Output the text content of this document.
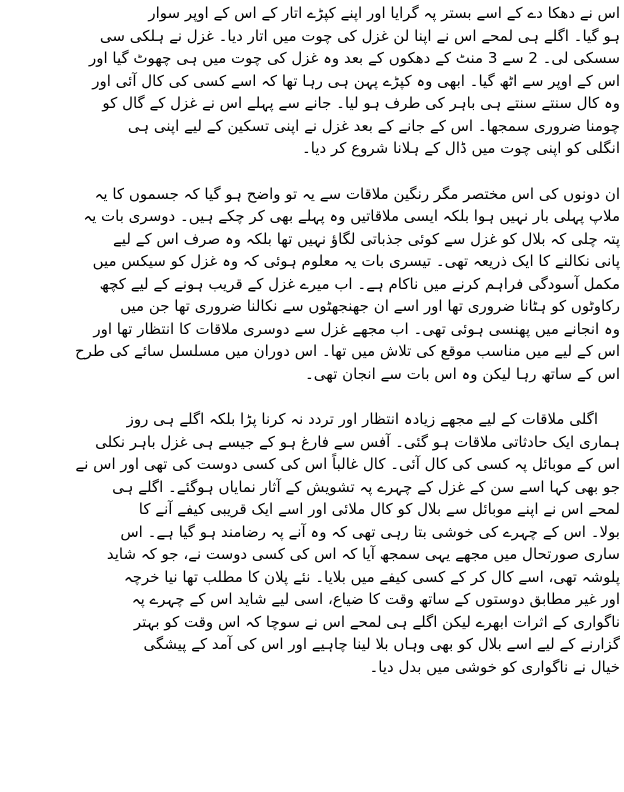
اس نے دھکا دے کے اسے بستر پہ گرایا اور اپنے کپڑے اتار کے اس کے اوپر سوار
ہو گیا۔ اگلے ہی لمحے اس نے اپنا لن غزل کی چوت میں اتار دیا۔ غزل نے ہلکی سی
سسکی لی۔ 2 سے 3 منٹ کے دھکوں کے بعد وہ غزل کی چوت میں ہی چھوٹ گیا اور
اس کے اوپر سے اٹھ گیا۔ ابھی وہ کپڑے پہن ہی رہا تھا کہ اسے کسی کی کال آئی اور
وہ کال سنتے سنتے ہی باہر کی طرف ہو لیا۔ جانے سے پہلے اس نے غزل کے گال کو
چومنا ضروری سمجھا۔ اس کے جانے کے بعد غزل نے اپنی تسکین کے لیے اپنی ہی
انگلی کو اپنی چوت میں ڈال کے ہلانا شروع کر دیا۔
ان دونوں کی اس مختصر مگر رنگین ملاقات سے یہ تو واضح ہو گیا کہ جسموں کا یہ
ملاپ پہلی بار نہیں ہوا بلکہ ایسی ملاقاتیں وہ پہلے بھی کر چکے ہیں۔ دوسری بات یہ
پتہ چلی کہ بلال کو غزل سے کوئی جذباتی لگاؤ نہیں تھا بلکہ وہ صرف اس کے لیے
پانی نکالنے کا ایک ذریعہ تھی۔ تیسری بات یہ معلوم ہوئی کہ وہ غزل کو سیکس میں
مکمل آسودگی فراہم کرنے میں ناکام ہے۔ اب میرے غزل کے قریب ہونے کے لیے کچھ
رکاوٹوں کو ہٹانا ضروری تھا اور اسے ان جھنجھٹوں سے نکالنا ضروری تھا جن میں
وہ انجانے میں پھنسی ہوئی تھی۔ اب مجھے غزل سے دوسری ملاقات کا انتظار تھا اور
اس کے لیے میں مناسب موقع کی تلاش میں تھا۔ اس دوران میں مسلسل سائے کی طرح
اس کے ساتھ رہا لیکن وہ اس بات سے انجان تھی۔
اگلی ملاقات کے لیے مجھے زیادہ انتظار اور تردد نہ کرنا پڑا بلکہ اگلے ہی روز
ہماری ایک حادثاتی ملاقات ہو گئی۔ آفس سے فارغ ہو کے جیسے ہی غزل باہر نکلی
اس کے موبائل پہ کسی کی کال آئی۔ کال غالباً اس کی کسی دوست کی تھی اور اس نے
جو بھی کہا اسے سن کے غزل کے چہرے پہ تشویش کے آثار نمایاں ہوگئے۔ اگلے ہی
لمحے اس نے اپنے موبائل سے بلال کو کال ملائی اور اسے ایک قریبی کیفے آنے کا
بولا۔ اس کے چہرے کی خوشی بتا رہی تھی کہ وہ آنے پہ رضامند ہو گیا ہے۔ اس
ساری صورتحال میں مجھے یہی سمجھ آیا کہ اس کی کسی دوست نے، جو کہ شاید
پلوشہ تھی، اسے کال کر کے کسی کیفے میں بلایا۔ نئے پلان کا مطلب تھا نیا خرچہ
اور غیر مطابق دوستوں کے ساتھ وقت کا ضیاع، اسی لیے شاید اس کے چہرے پہ
ناگواری کے اثرات ابھرے لیکن اگلے ہی لمحے اس نے سوچا کہ اس وقت کو بہتر
گزارنے کے لیے اسے بلال کو بھی وہاں بلا لینا چاہیے اور اس کی آمد کے پیشگی
خیال نے ناگواری کو خوشی میں بدل دیا۔
